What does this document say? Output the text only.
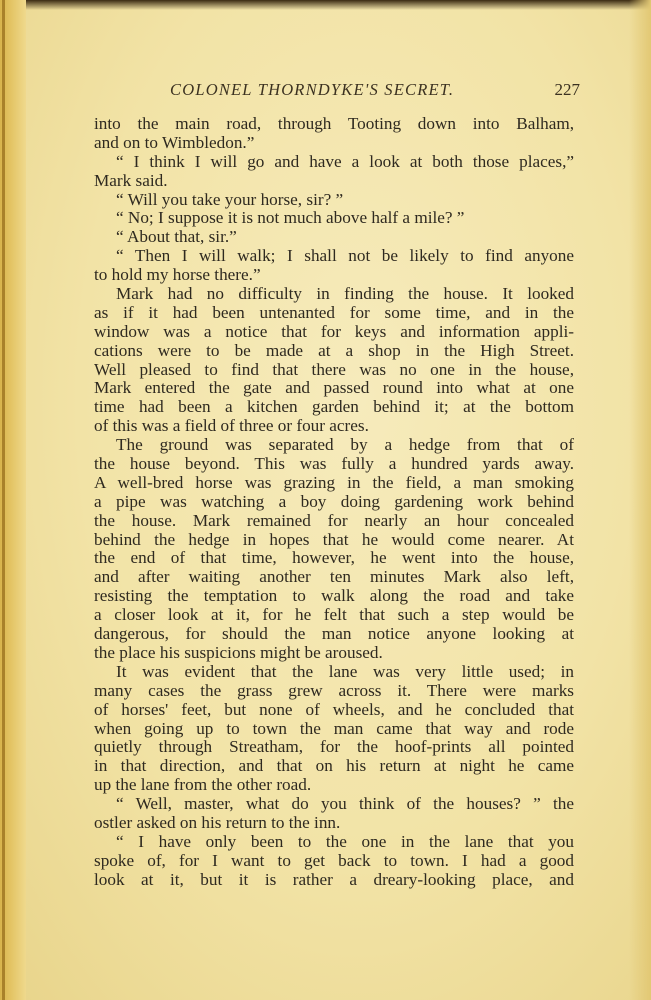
COLONEL THORNDYKE'S SECRET.	227
into the main road, through Tooting down into Balham,
and on to Wimbledon.”
“ I think I will go and have a look at both those places,”
Mark said.
“ Will you take your horse, sir? ”
“ No; I suppose it is not much above half a mile? ”
“ About that, sir.”
“ Then I will walk; I shall not be likely to find anyone
to hold my horse there.”
Mark had no difficulty in finding the house. It looked
as if it had been untenanted for some time, and in the
window was a notice that for keys and information appli-
cations were to be made at a shop in the High Street.
Well pleased to find that there was no one in the house,
Mark entered the gate and passed round into what at one
time had been a kitchen garden behind it; at the bottom
of this was a field of three or four acres.
The ground was separated by a hedge from that of
the house beyond. This was fully a hundred yards away.
A well-bred horse was grazing in the field, a man smoking
a pipe was watching a boy doing gardening work behind
the house. Mark remained for nearly an hour concealed
behind the hedge in hopes that he would come nearer. At
the end of that time, however, he went into the house,
and after waiting another ten minutes Mark also left,
resisting the temptation to walk along the road and take
a closer look at it, for he felt that such a step would be
dangerous, for should the man notice anyone looking at
the place his suspicions might be aroused.
It was evident that the lane was very little used; in
many cases the grass grew across it. There were marks
of horses' feet, but none of wheels, and he concluded that
when going up to town the man came that way and rode
quietly through Streatham, for the hoof-prints all pointed
in that direction, and that on his return at night he came
up the lane from the other road.
“ Well, master, what do you think of the houses? ” the
ostler asked on his return to the inn.
“ I have only been to the one in the lane that you
spoke of, for I want to get back to town. I had a good
look at it, but it is rather a dreary-looking place, and
